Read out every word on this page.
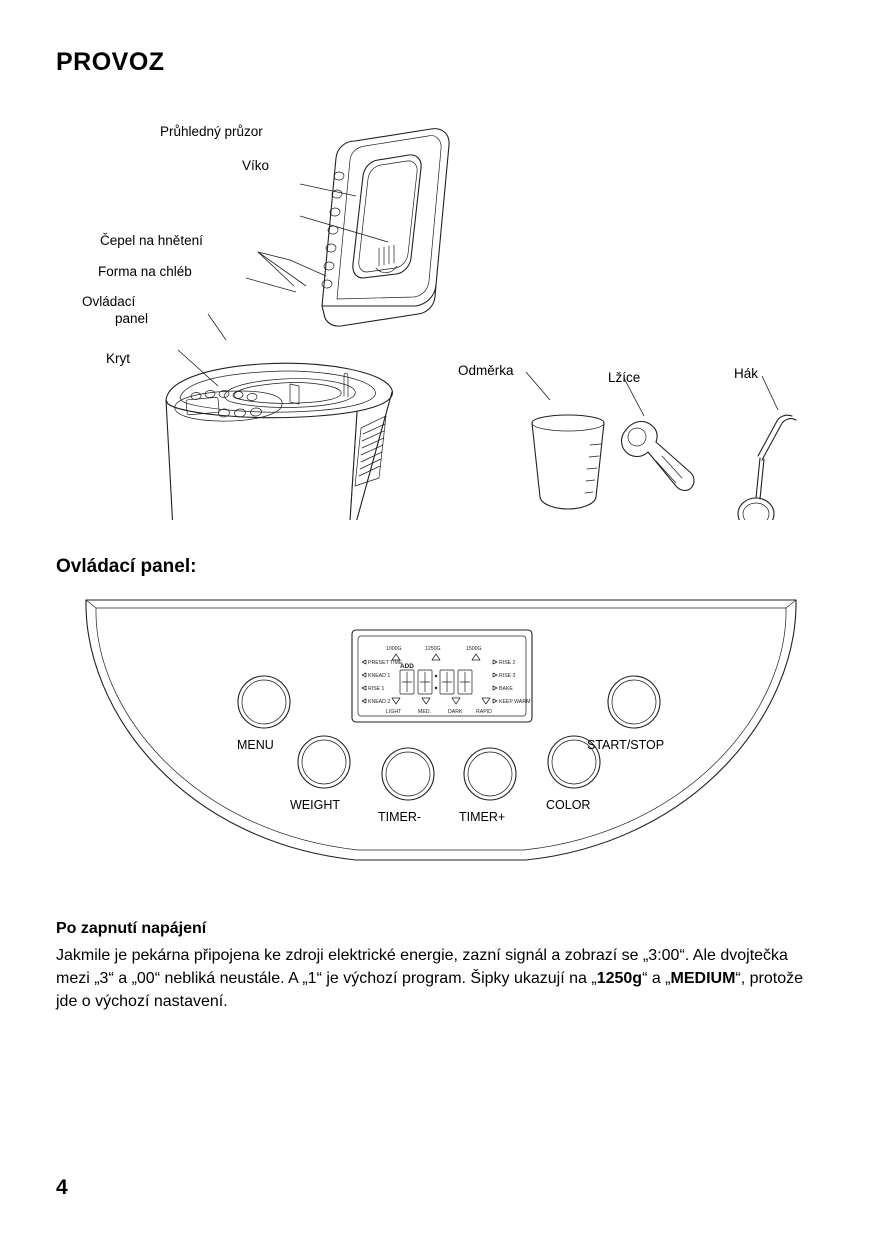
PROVOZ
Průhledný průzor
Víko
Čepel na hnětení
Forma na chléb
Ovládací
panel
Kryt
Odměrka	Lžíce	Hák
Ovládací panel:
1000G	1250G	1500G
PRESET TIME
KNEAD 1
RISE 1
KNEAD 2
RISE 2
RISE 3
BAKE
KEEP WARM
ADD
LIGHT	MED.	DARK	RAPID
MENU
WEIGHT
TIMER-	TIMER+
COLOR
START/STOP
Po zapnutí napájení
Jakmile je pekárna připojena ke zdroji elektrické energie, zazní signál a zobrazí se „3:00“. Ale dvojtečka mezi „3“ a „00“ nebliká neustále. A „1“ je výchozí program. Šipky ukazují na „1250g“ a „MEDIUM“, protože jde o výchozí nastavení.
4
